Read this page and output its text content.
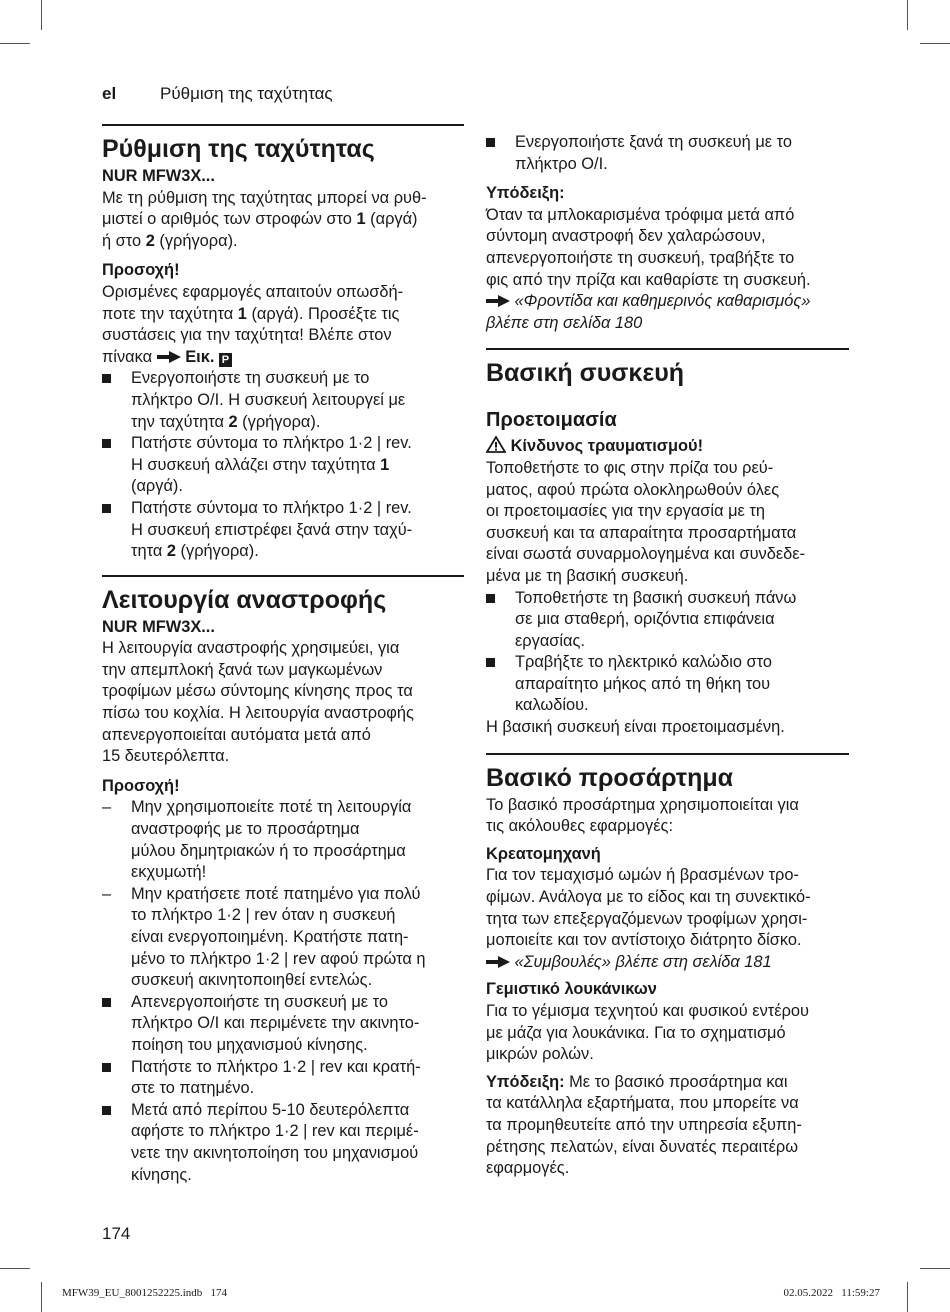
el	Ρύθμιση της ταχύτητας
Ρύθμιση της ταχύτητας
NUR MFW3X...

Με τη ρύθμιση της ταχύτητας μπορεί να ρυθ-
μιστεί ο αριθμός των στροφών στο 1 (αργά)
ή στο 2 (γρήγορα).

Προσοχή!

Ορισμένες εφαρμογές απαιτούν οπωσδή-
ποτε την ταχύτητα 1 (αργά). Προσέξτε τις
συστάσεις για την ταχύτητα! Βλέπε στον
πίνακα  Εικ. P

Ενεργοποιήστε τη συσκευή με το
πλήκτρο O/I. Η συσκευή λειτουργεί με
την ταχύτητα 2 (γρήγορα).
Πατήστε σύντομα το πλήκτρο 1·2 | rev.
Η συσκευή αλλάζει στην ταχύτητα 1
(αργά).
Πατήστε σύντομα το πλήκτρο 1·2 | rev.
Η συσκευή επιστρέφει ξανά στην ταχύ-
τητα 2 (γρήγορα).
Λειτουργία αναστροφής
NUR MFW3X...

Η λειτουργία αναστροφής χρησιμεύει, για
την απεμπλοκή ξανά των μαγκωμένων
τροφίμων μέσω σύντομης κίνησης προς τα
πίσω του κοχλία. Η λειτουργία αναστροφής
απενεργοποιείται αυτόματα μετά από
15 δευτερόλεπτα.

Προσοχή!
–	Μην χρησιμοποιείτε ποτέ τη λειτουργία
αναστροφής με το προσάρτημα
μύλου δημητριακών ή το προσάρτημα
εκχυμωτή!
–	Μην κρατήσετε ποτέ πατημένο για πολύ
το πλήκτρο 1·2 | rev όταν η συσκευή
είναι ενεργοποιημένη. Κρατήστε πατη-
μένο το πλήκτρο 1·2 | rev αφού πρώτα η
συσκευή ακινητοποιηθεί εντελώς.
Απενεργοποιήστε τη συσκευή με το
πλήκτρο O/I και περιμένετε την ακινητο-
ποίηση του μηχανισμού κίνησης.
Πατήστε το πλήκτρο 1·2 | rev και κρατή-
στε το πατημένο.
Μετά από περίπου 5-10 δευτερόλεπτα
αφήστε το πλήκτρο 1·2 | rev και περιμέ-
νετε την ακινητοποίηση του μηχανισμού
κίνησης.
Ενεργοποιήστε ξανά τη συσκευή με το
πλήκτρο O/I.
Υπόδειξη:

Όταν τα μπλοκαρισμένα τρόφιμα μετά από
σύντομη αναστροφή δεν χαλαρώσουν,
απενεργοποιήστε τη συσκευή, τραβήξτε το
φις από την πρίζα και καθαρίστε τη συσκευή.
«Φροντίδα και καθημερινός καθαρισμός»
βλέπε στη σελίδα 180

Βασική συσκευή
Προετοιμασία
Κίνδυνος τραυματισμού!

Τοποθετήστε το φις στην πρίζα του ρεύ-
ματος, αφού πρώτα ολοκληρωθούν όλες
οι προετοιμασίες για την εργασία με τη
συσκευή και τα απαραίτητα προσαρτήματα
είναι σωστά συναρμολογημένα και συνδεδε-
μένα με τη βασική συσκευή.

Τοποθετήστε τη βασική συσκευή πάνω
σε μια σταθερή, οριζόντια επιφάνεια
εργασίας.
Τραβήξτε το ηλεκτρικό καλώδιο στο
απαραίτητο μήκος από τη θήκη του
καλωδίου.

Η βασική συσκευή είναι προετοιμασμένη.

Βασικό προσάρτημα

Το βασικό προσάρτημα χρησιμοποιείται για
τις ακόλουθες εφαρμογές:

Κρεατομηχανή

Για τον τεμαχισμό ωμών ή βρασμένων τρο-
φίμων. Ανάλογα με το είδος και τη συνεκτικό-
τητα των επεξεργαζόμενων τροφίμων χρησι-
μοποιείτε και τον αντίστοιχο διάτρητο δίσκο.
«Συμβουλές» βλέπε στη σελίδα 181

Γεμιστικό λουκάνικων

Για το γέμισμα τεχνητού και φυσικού εντέρου
με μάζα για λουκάνικα. Για το σχηματισμό
μικρών ρολών.

Υπόδειξη: Με το βασικό προσάρτημα και
τα κατάλληλα εξαρτήματα, που μπορείτε να
τα προμηθευτείτε από την υπηρεσία εξυπη-
ρέτησης πελατών, είναι δυνατές περαιτέρω
εφαρμογές.

174
MFW39_EU_8001252225.indb   174	02.05.2022   11:59:27
